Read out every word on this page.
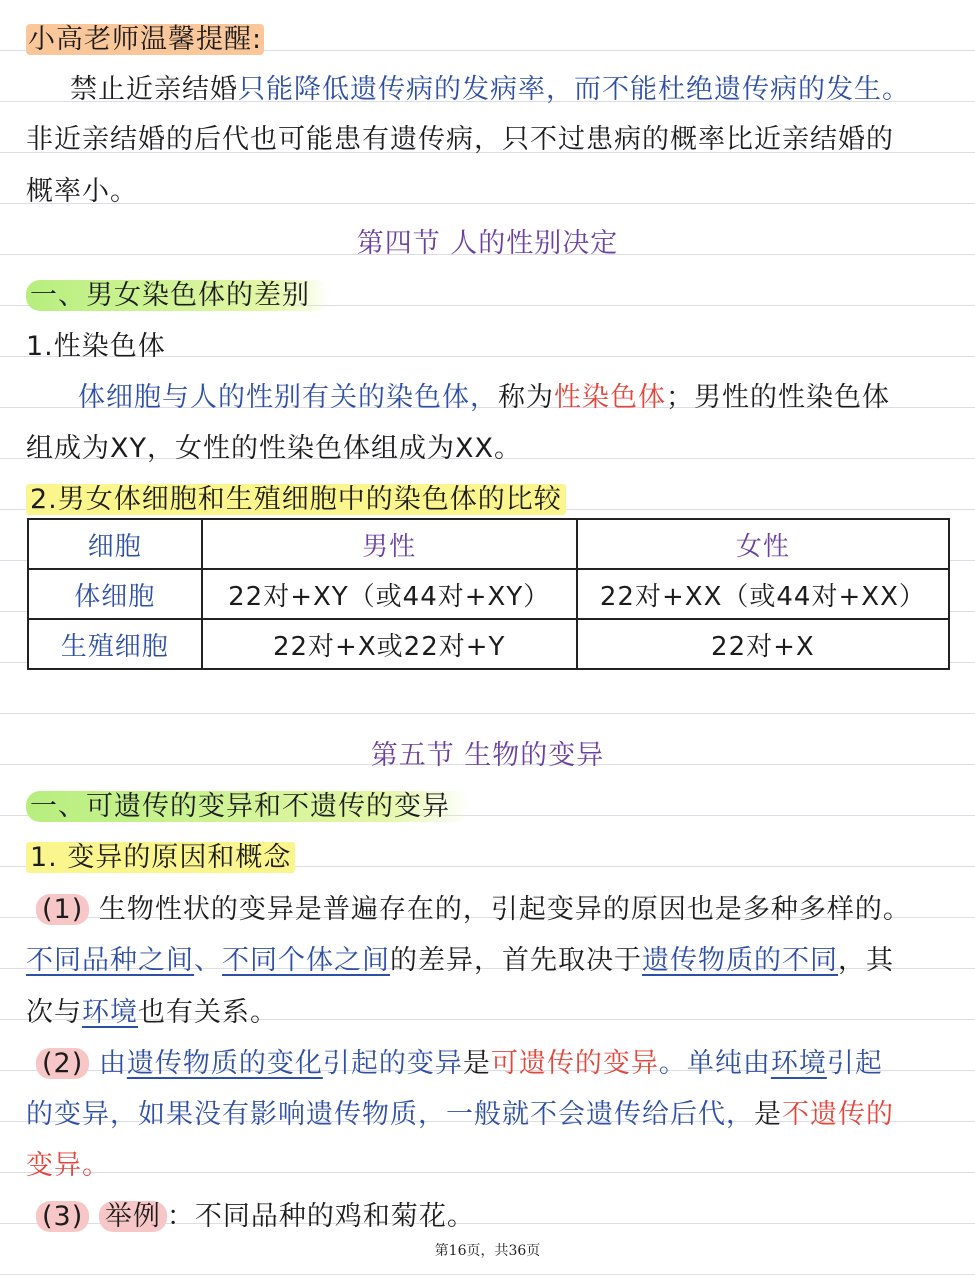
小高老师温馨提醒:
禁止近亲结婚只能降低遗传病的发病率，而不能杜绝遗传病的发生。
非近亲结婚的后代也可能患有遗传病，只不过患病的概率比近亲结婚的
概率小。
第四节 人的性别决定
一、男女染色体的差别
1.性染色体
体细胞与人的性别有关的染色体，称为性染色体；男性的性染色体
组成为XY，女性的性染色体组成为XX。
2.男女体细胞和生殖细胞中的染色体的比较
细胞	男性	女性
体细胞	22对+XY（或44对+XY）	22对+XX（或44对+XX）
生殖细胞	22对+X或22对+Y	22对+X
第五节 生物的变异
一、可遗传的变异和不遗传的变异
1. 变异的原因和概念
(1) 生物性状的变异是普遍存在的，引起变异的原因也是多种多样的。
不同品种之间、不同个体之间的差异，首先取决于遗传物质的不同，其
次与环境也有关系。
(2) 由遗传物质的变化引起的变异是可遗传的变异。单纯由环境引起
的变异，如果没有影响遗传物质，一般就不会遗传给后代，是不遗传的
变异。
(3) 举例 ：不同品种的鸡和菊花。
第16页，共36页
